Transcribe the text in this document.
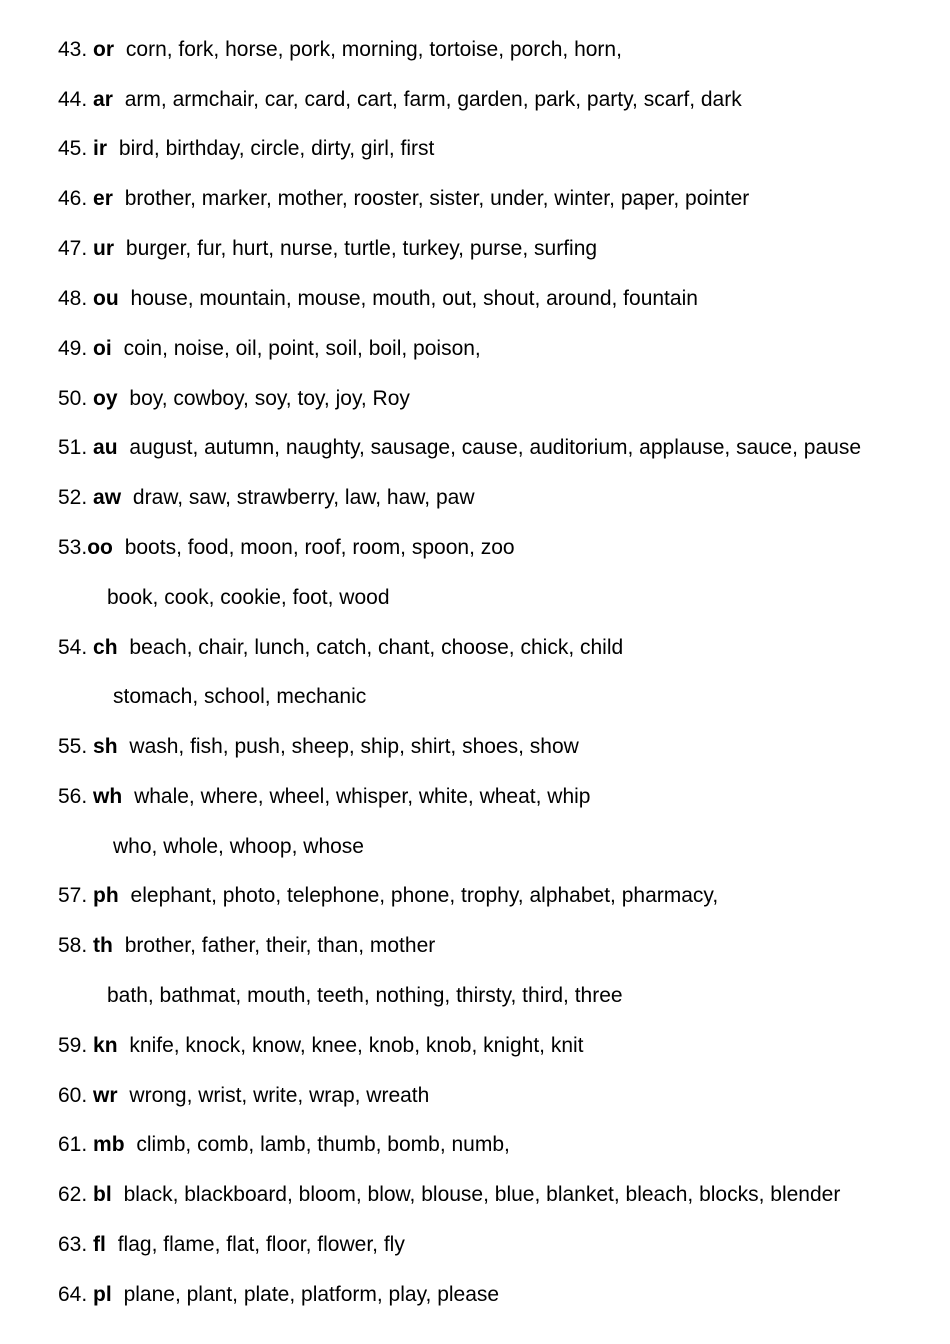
43. or corn, fork, horse, pork, morning, tortoise, porch, horn,
44. ar arm, armchair, car, card, cart, farm, garden, park, party, scarf, dark
45. ir bird, birthday, circle, dirty, girl, first
46. er brother, marker, mother, rooster, sister, under, winter, paper, pointer
47. ur burger, fur, hurt, nurse, turtle, turkey, purse, surfing
48. ou house, mountain, mouse, mouth, out, shout, around, fountain
49. oi coin, noise, oil, point, soil, boil, poison,
50. oy boy, cowboy, soy, toy, joy, Roy
51. au august, autumn, naughty, sausage, cause, auditorium, applause, sauce, pause
52. aw draw, saw, strawberry, law, haw, paw
53.oo boots, food, moon, roof, room, spoon, zoo
book, cook, cookie, foot, wood
54. ch beach, chair, lunch, catch, chant, choose, chick, child
stomach, school, mechanic
55. sh wash, fish, push, sheep, ship, shirt, shoes, show
56. wh whale, where, wheel, whisper, white, wheat, whip
who, whole, whoop, whose
57. ph elephant, photo, telephone, phone, trophy, alphabet, pharmacy,
58. th brother, father, their, than, mother
bath, bathmat, mouth, teeth, nothing, thirsty, third, three
59. kn knife, knock, know, knee, knob, knob, knight, knit
60. wr wrong, wrist, write, wrap, wreath
61. mb climb, comb, lamb, thumb, bomb, numb,
62. bl black, blackboard, bloom, blow, blouse, blue, blanket, bleach, blocks, blender
63. fl flag, flame, flat, floor, flower, fly
64. pl plane, plant, plate, platform, play, please
